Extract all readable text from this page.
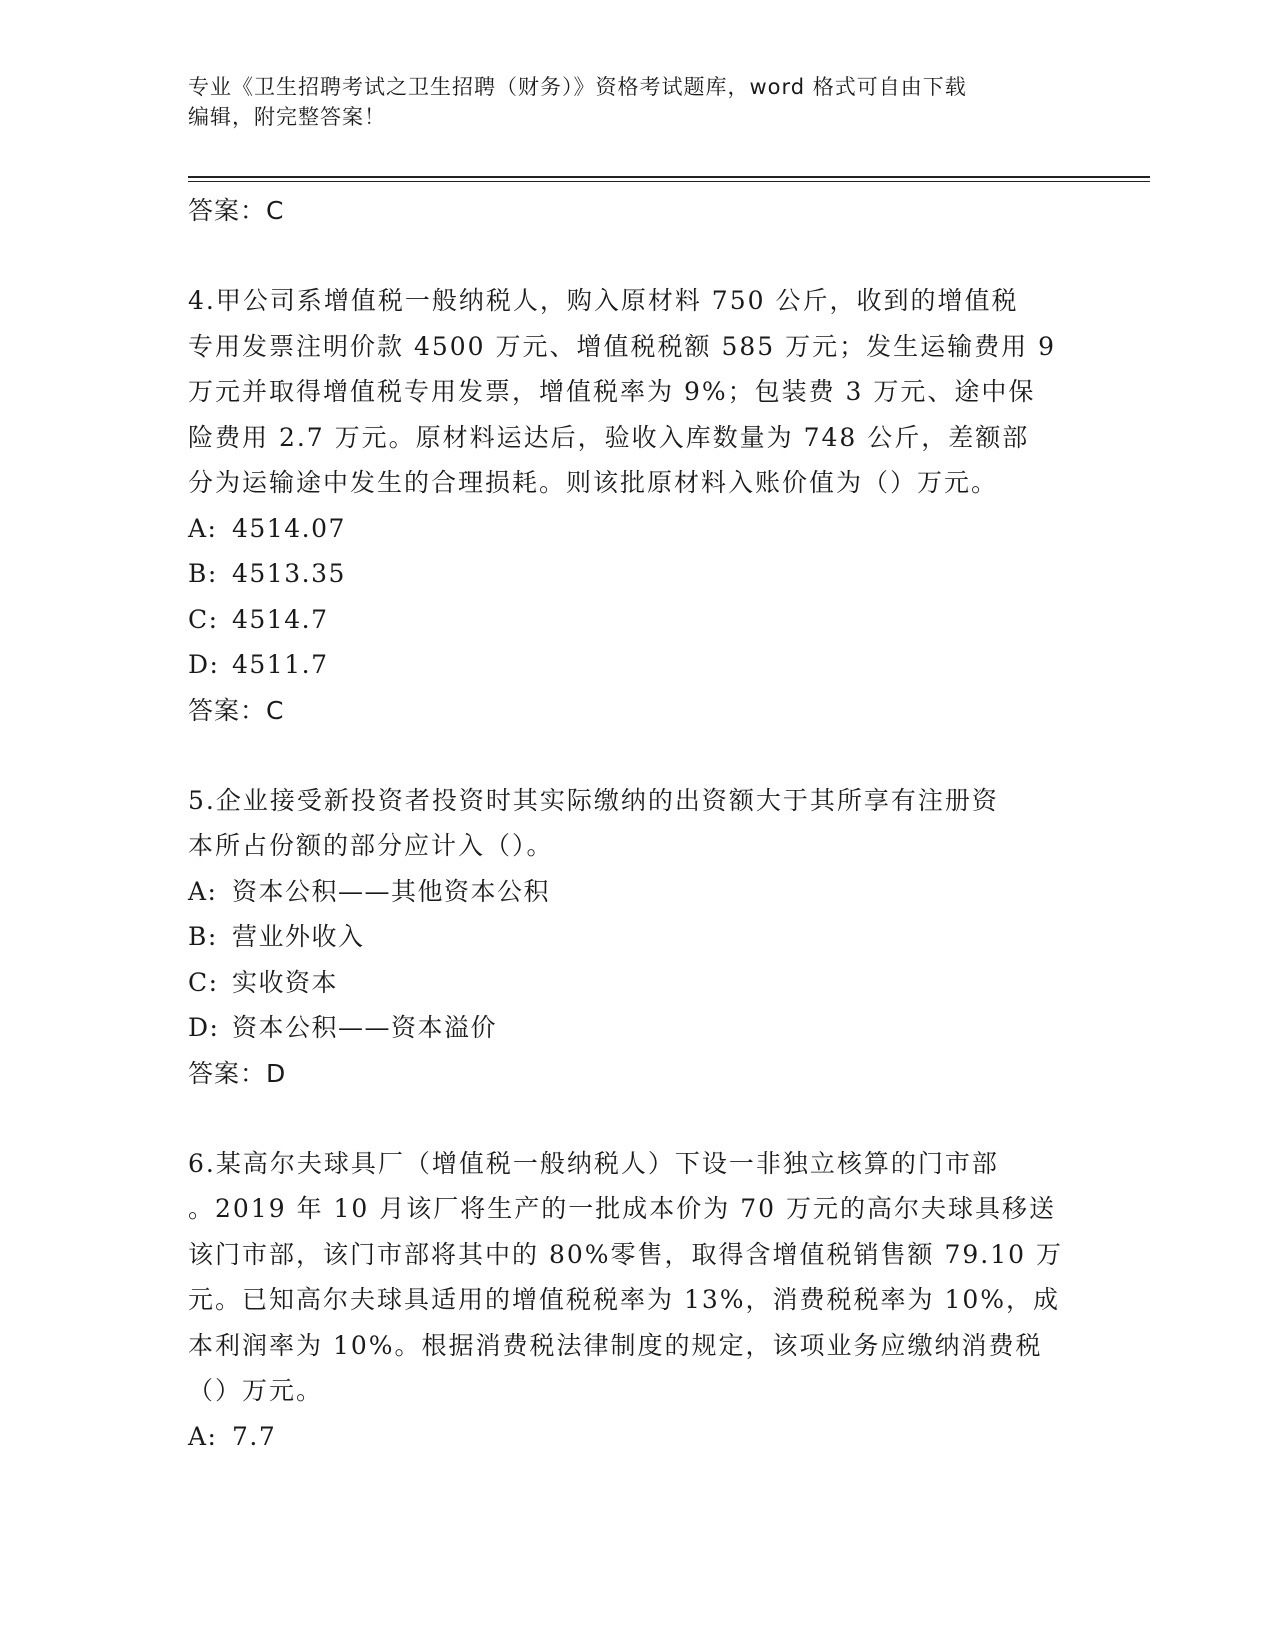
专业《卫生招聘考试之卫生招聘（财务）》资格考试题库，word 格式可自由下载
编辑，附完整答案！
答案：C
4.甲公司系增值税一般纳税人，购入原材料 750 公斤，收到的增值税
专用发票注明价款 4500 万元、增值税税额 585 万元；发生运输费用 9
万元并取得增值税专用发票，增值税率为 9%；包装费 3 万元、途中保
险费用 2.7 万元。原材料运达后，验收入库数量为 748 公斤，差额部
分为运输途中发生的合理损耗。则该批原材料入账价值为（）万元。
A: 4514.07
B: 4513.35
C: 4514.7
D: 4511.7
答案：C
5.企业接受新投资者投资时其实际缴纳的出资额大于其所享有注册资
本所占份额的部分应计入（）。
A: 资本公积——其他资本公积
B: 营业外收入
C: 实收资本
D: 资本公积——资本溢价
答案：D
6.某高尔夫球具厂（增值税一般纳税人）下设一非独立核算的门市部
。2019 年 10 月该厂将生产的一批成本价为 70 万元的高尔夫球具移送
该门市部，该门市部将其中的 80%零售，取得含增值税销售额 79.10 万
元。已知高尔夫球具适用的增值税税率为 13%，消费税税率为 10%，成
本利润率为 10%。根据消费税法律制度的规定，该项业务应缴纳消费税
（）万元。
A: 7.7
